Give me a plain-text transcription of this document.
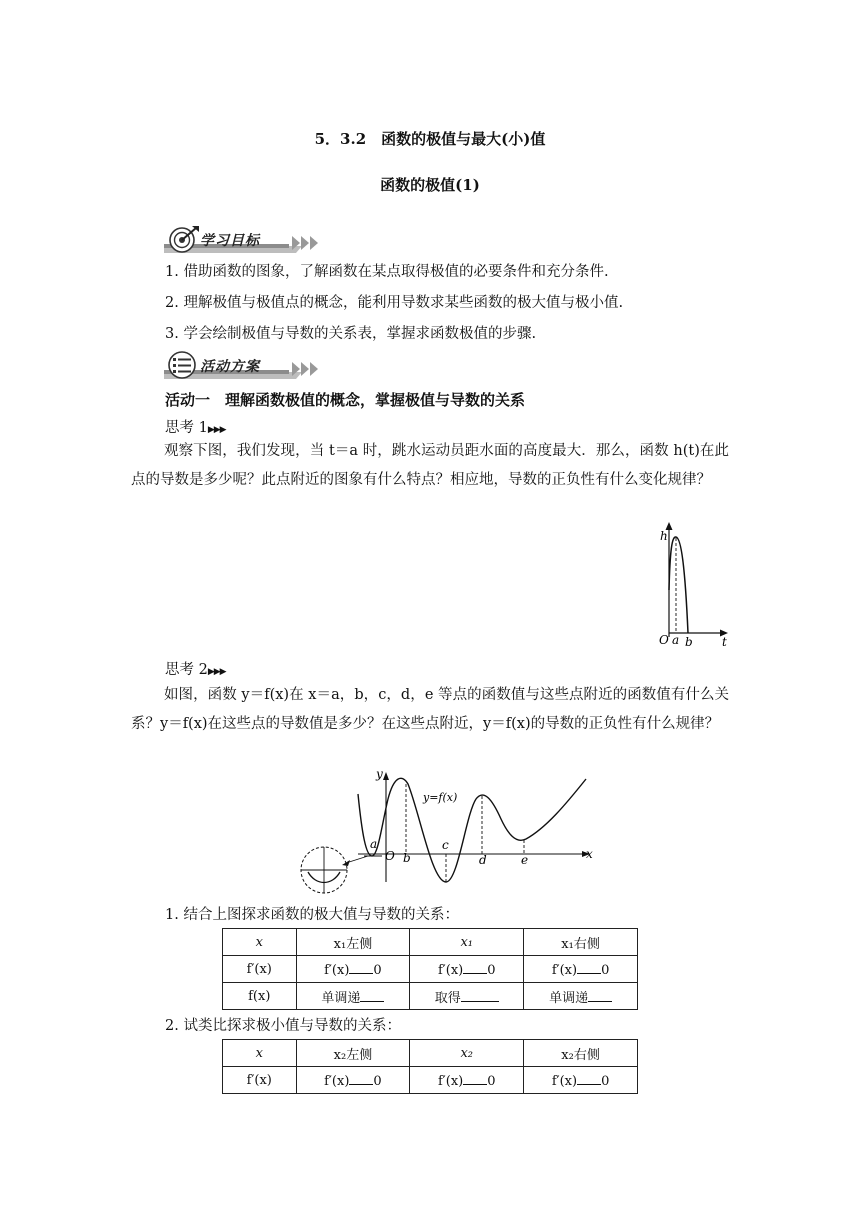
5．3.2　函数的极值与最大(小)值
函数的极值(1)
学习目标
1. 借助函数的图象，了解函数在某点取得极值的必要条件和充分条件.
2. 理解极值与极值点的概念，能利用导数求某些函数的极大值与极小值.
3. 学会绘制极值与导数的关系表，掌握求函数极值的步骤.
活动方案
活动一　理解函数极值的概念，掌握极值与导数的关系
思考 1▶▶▶
观察下图，我们发现，当 t＝a 时，跳水运动员距水面的高度最大．那么，函数 h(t)在此点的导数是多少呢？此点附近的图象有什么特点？相应地，导数的正负性有什么变化规律？
h
O a b t
思考 2▶▶▶
如图，函数 y＝f(x)在 x＝a，b，c，d，e 等点的函数值与这些点附近的函数值有什么关系？y＝f(x)在这些点的导数值是多少？在这些点附近，y＝f(x)的导数的正负性有什么规律？
y
x
y=f(x)
a
O b
c
d	e
1. 结合上图探求函数的极大值与导数的关系：
x	x₁左侧	x₁	x₁右侧
f′(x)	f′(x) 0	f′(x) 0	f′(x) 0
f(x)	单调递	取得	单调递
2. 试类比探求极小值与导数的关系：
x	x₂左侧	x₂	x₂右侧
f′(x)	f′(x) 0	f′(x) 0	f′(x) 0
